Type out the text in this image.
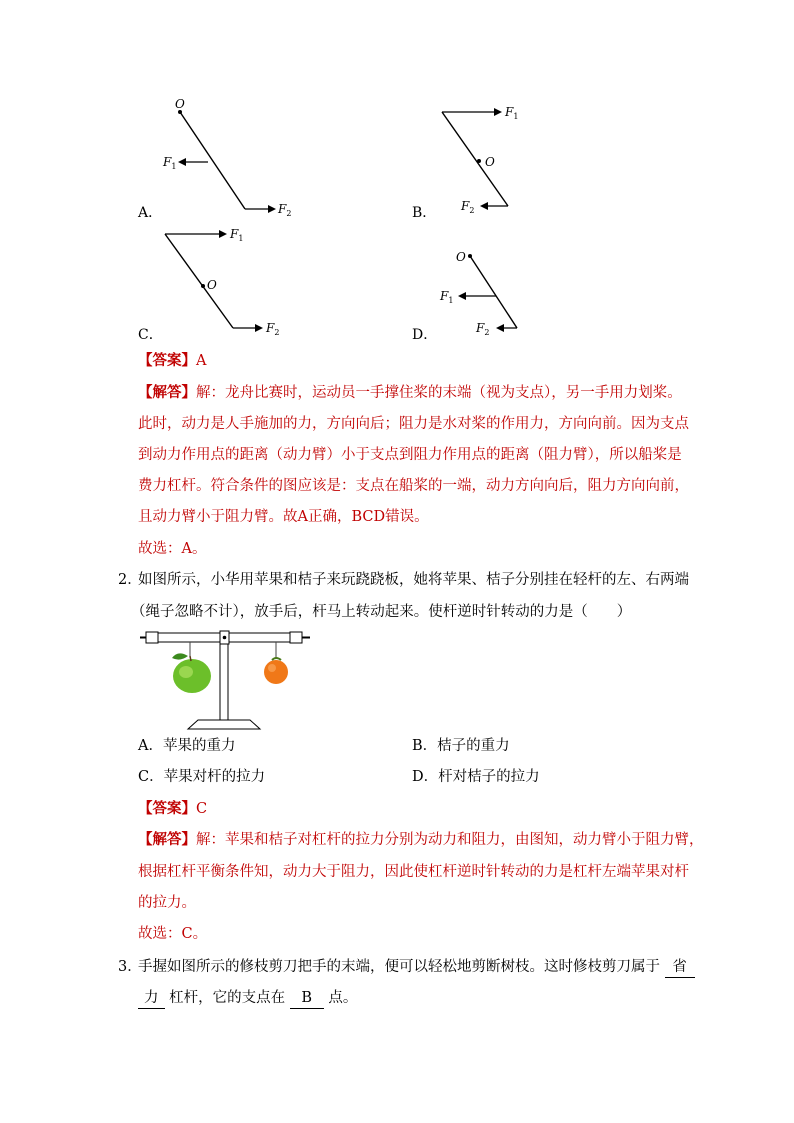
A．
O
$F_1$
$F_2$	B．
$F_1$
O
$F_2$
C．
$F_1$
O
$F_2$	D．
O
$F_1$
$F_2$
【答案】A
【解答】解：龙舟比赛时，运动员一手撑住桨的末端（视为支点），另一手用力划桨。
此时，动力是人手施加的力，方向向后；阻力是水对桨的作用力，方向向前。因为支点
到动力作用点的距离（动力臂）小于支点到阻力作用点的距离（阻力臂），所以船桨是
费力杠杆。符合条件的图应该是：支点在船桨的一端，动力方向向后，阻力方向向前，
且动力臂小于阻力臂。故A正确，BCD错误。
故选：A。
2．
如图所示，小华用苹果和桔子来玩跷跷板，她将苹果、桔子分别挂在轻杆的左、右两端
（绳子忽略不计），放手后，杆马上转动起来。使杆逆时针转动的力是（　　）
A．苹果的重力	B．桔子的重力
C．苹果对杆的拉力	D．杆对桔子的拉力
【答案】C
【解答】解：苹果和桔子对杠杆的拉力分别为动力和阻力，由图知，动力臂小于阻力臂，
根据杠杆平衡条件知，动力大于阻力，因此使杠杆逆时针转动的力是杠杆左端苹果对杆
的拉力。
故选：C。
3．
手握如图所示的修枝剪刀把手的末端，便可以轻松地剪断树枝。这时修枝剪刀属于 省
力 杠杆，它的支点在 B 点。
